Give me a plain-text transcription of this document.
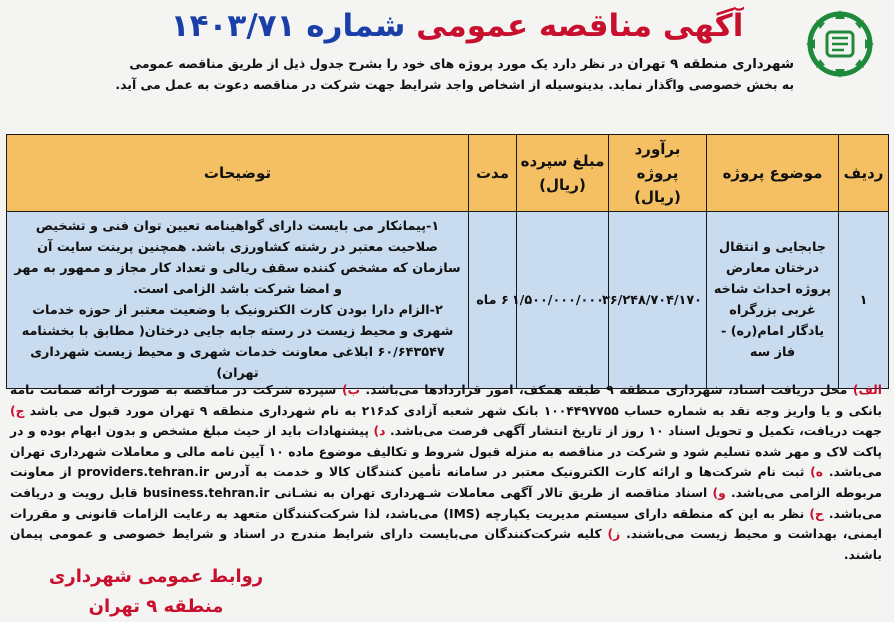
آگهی مناقصه عمومی شماره ۱۴۰۳/۷۱
شهرداری منطقه ۹ تهران در نظر دارد یک مورد پروژه های خود را بشرح جدول ذیل از طریق مناقصه عمومی
به بخش خصوصی واگذار نماید. بدینوسیله از اشخاص واجد شرایط جهت شرکت در مناقصه دعوت به عمل می آید.
ردیف	موضوع پروژه	برآورد پروژه (ریال)	مبلغ سپرده (ریال)	مدت	توضیحات
۱	جابجایی و انتقال درختان معارض پروژه احداث شاخه غربی بزرگراه یادگار امام(ره) - فاز سه	۳۶/۲۴۸/۷۰۴/۱۷۰	۱/۵۰۰/۰۰۰/۰۰۰	۶ ماه	۱-پیمانکار می بایست دارای گواهینامه تعیین توان فنی و تشخیص صلاحیت معتبر در رشته کشاورزی باشد. همچنین پرینت سایت آن سازمان که مشخص کننده سقف ریالی و تعداد کار مجاز و ممهور به مهر و امضا شرکت باشد الزامی است.
۲-الزام دارا بودن کارت الکترونیک با وضعیت معتبر از حوزه خدمات شهری و محیط زیست در رسته جابه جایی درختان( مطابق با بخشنامه ۶۰/۶۴۳۵۴۷ ابلاغی معاونت خدمات شهری و محیط زیست شهرداری تهران)
الف) محل دریافت اسناد، شهرداری منطقه ۹ طبقه همکف، امور قراردادها می‌باشد. ب) سپرده شرکت در مناقصه به صورت ارائه ضمانت نامه بانکی و یا واریز وجه نقد به شماره حساب ۱۰۰۴۴۹۷۷۵۵ بانک شهر شعبه آزادی کد۲۱۶ به نام شهرداری منطقه ۹ تهران مورد قبول می باشد ج) جهت دریافت، تکمیل و تحویل اسناد ۱۰ روز از تاریخ انتشار آگهی فرصت می‌باشد. د) پیشنهادات باید از حیث مبلغ مشخص و بدون ابهام بوده و در پاکت لاک و مهر شده تسلیم شود و شرکت در مناقصه به منزله قبول شروط و تکالیف موضوع ماده ۱۰ آیین نامه مالی و معاملات شهرداری تهران می‌باشد. ه) ثبت نام شرکت‌ها و ارائه کارت الکترونیک معتبر در سامانه تأمین کنندگان کالا و خدمت به آدرس providers.tehran.ir از معاونت مربوطه الزامی می‌باشد. و) اسناد مناقصه از طریق تالار آگهی معاملات شـهرداری تهران به نشـانی business.tehran.ir قابل رویت و دریافت می‌باشد. ح) نظر به این که منطقه دارای سیستم مدیریت یکپارچه (IMS) می‌باشد، لذا شرکت‌کنندگان متعهد به رعایت الزامات قانونی و مقررات ایمنی، بهداشت و محیط زیست می‌باشند. ز) کلیه شرکت‌کنندگان می‌بایست دارای شرایط مندرج در اسناد و شرایط خصوصی و عمومی پیمان باشند.
روابط عمومی شهرداری منطقه ۹ تهران
